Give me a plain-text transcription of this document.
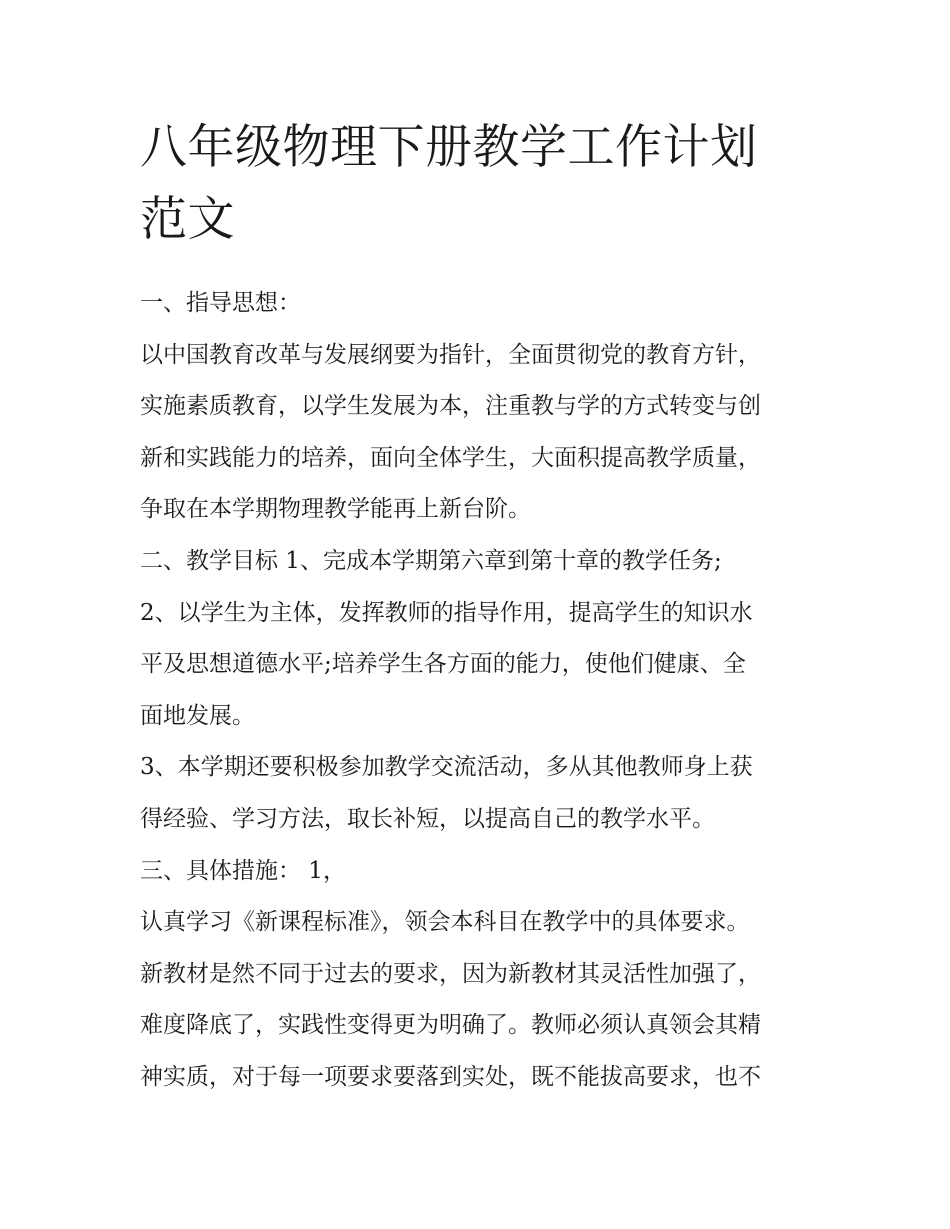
八年级物理下册教学工作计划
范文

一、指导思想：

以中国教育改革与发展纲要为指针，全面贯彻党的教育方针，

实施素质教育，以学生发展为本，注重教与学的方式转变与创

新和实践能力的培养，面向全体学生，大面积提高教学质量，

争取在本学期物理教学能再上新台阶。

二、教学目标 1、完成本学期第六章到第十章的教学任务;

2、以学生为主体，发挥教师的指导作用，提高学生的知识水

平及思想道德水平;培养学生各方面的能力，使他们健康、全

面地发展。

3、本学期还要积极参加教学交流活动，多从其他教师身上获

得经验、学习方法，取长补短，以提高自己的教学水平。

三、具体措施： 1，

认真学习《新课程标准》，领会本科目在教学中的具体要求。

新教材是然不同于过去的要求，因为新教材其灵活性加强了，

难度降底了，实践性变得更为明确了。教师必须认真领会其精

神实质，对于每一项要求要落到实处，既不能拔高要求，也不
